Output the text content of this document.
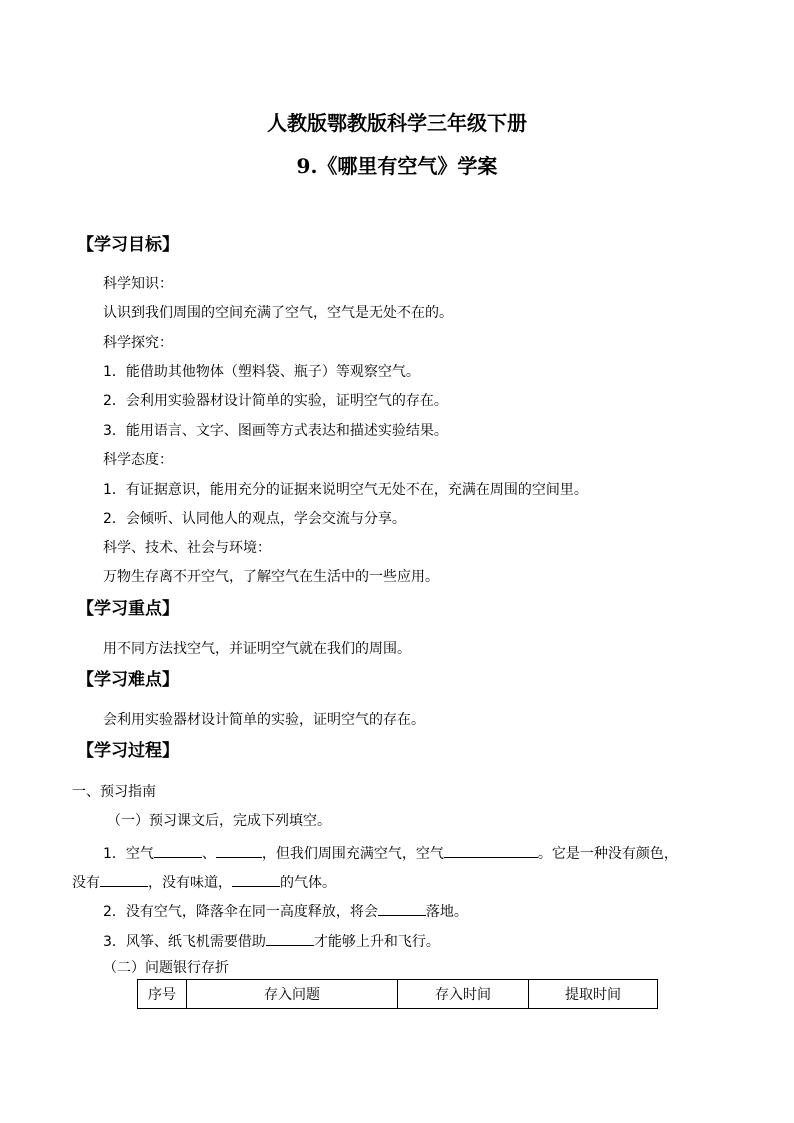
人教版鄂教版科学三年级下册
9.《哪里有空气》学案
【学习目标】
科学知识：
认识到我们周围的空间充满了空气，空气是无处不在的。
科学探究：
1．能借助其他物体（塑料袋、瓶子）等观察空气。
2．会利用实验器材设计简单的实验，证明空气的存在。
3．能用语言、文字、图画等方式表达和描述实验结果。
科学态度：
1．有证据意识，能用充分的证据来说明空气无处不在，充满在周围的空间里。
2．会倾听、认同他人的观点，学会交流与分享。
科学、技术、社会与环境：
万物生存离不开空气，了解空气在生活中的一些应用。
【学习重点】
用不同方法找空气，并证明空气就在我们的周围。
【学习难点】
会利用实验器材设计简单的实验，证明空气的存在。
【学习过程】
一、预习指南
（一）预习课文后，完成下列填空。
1．空气	、	，但我们周围充满空气，空气	。它是一种没有颜色，
没有	，没有味道，	的气体。
2．没有空气，降落伞在同一高度释放，将会	落地。
3．风筝、纸飞机需要借助	才能够上升和飞行。
（二）问题银行存折
序号	存入问题	存入时间	提取时间
